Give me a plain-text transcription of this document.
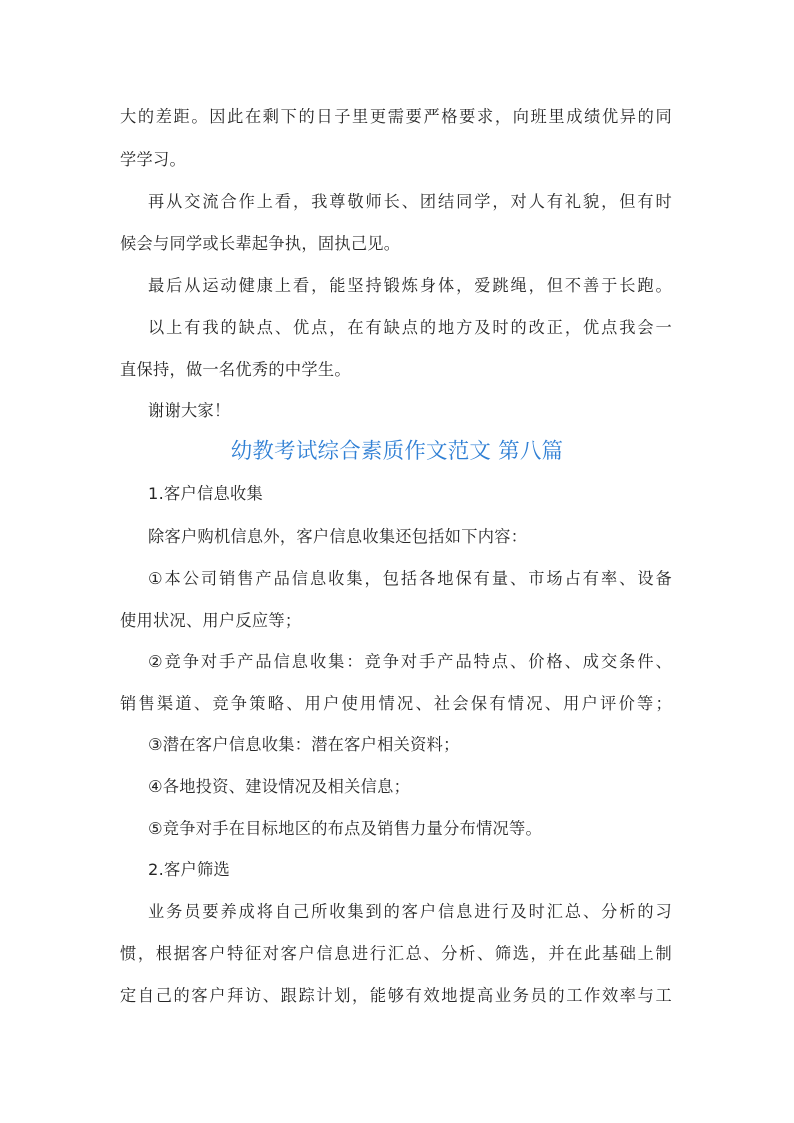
大的差距。因此在剩下的日子里更需要严格要求，向班里成绩优异的同
学学习。
再从交流合作上看，我尊敬师长、团结同学，对人有礼貌，但有时
候会与同学或长辈起争执，固执己见。
最后从运动健康上看，能坚持锻炼身体，爱跳绳，但不善于长跑。
以上有我的缺点、优点，在有缺点的地方及时的改正，优点我会一
直保持，做一名优秀的中学生。
谢谢大家！
幼教考试综合素质作文范文 第八篇
1.客户信息收集
除客户购机信息外，客户信息收集还包括如下内容：
①本公司销售产品信息收集，包括各地保有量、市场占有率、设备
使用状况、用户反应等；
②竞争对手产品信息收集：竞争对手产品特点、价格、成交条件、
销售渠道、竞争策略、用户使用情况、社会保有情况、用户评价等；
③潜在客户信息收集：潜在客户相关资料；
④各地投资、建设情况及相关信息；
⑤竞争对手在目标地区的布点及销售力量分布情况等。
2.客户筛选
业务员要养成将自己所收集到的客户信息进行及时汇总、分析的习
惯，根据客户特征对客户信息进行汇总、分析、筛选，并在此基础上制
定自己的客户拜访、跟踪计划，能够有效地提高业务员的工作效率与工
